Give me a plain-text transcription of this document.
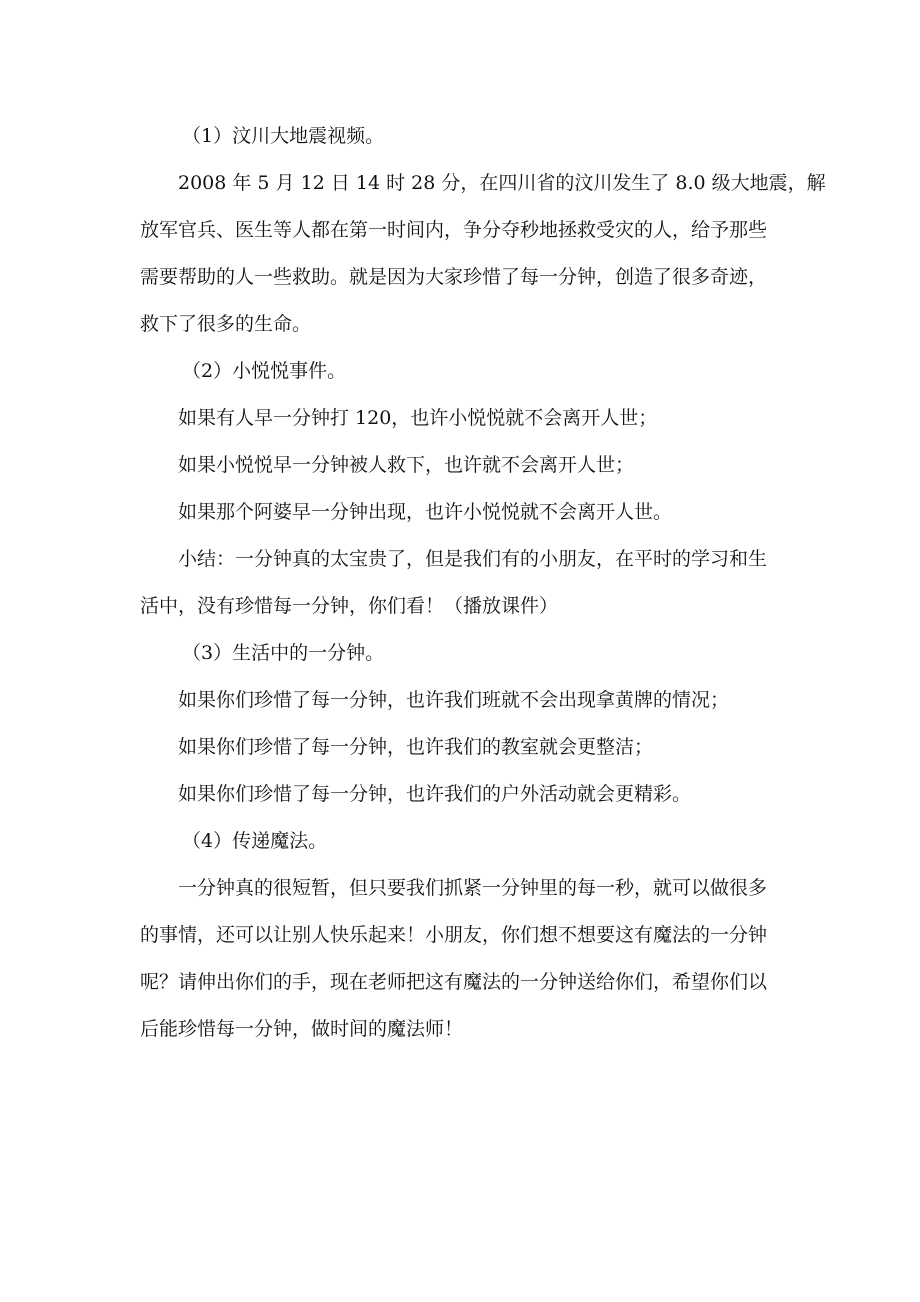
（1）汶川大地震视频。
2008 年 5 月 12 日 14 时 28 分，在四川省的汶川发生了 8.0 级大地震，解
放军官兵、医生等人都在第一时间内，争分夺秒地拯救受灾的人，给予那些
需要帮助的人一些救助。就是因为大家珍惜了每一分钟，创造了很多奇迹，
救下了很多的生命。
（2）小悦悦事件。
如果有人早一分钟打 120，也许小悦悦就不会离开人世；
如果小悦悦早一分钟被人救下，也许就不会离开人世；
如果那个阿婆早一分钟出现，也许小悦悦就不会离开人世。
小结：一分钟真的太宝贵了，但是我们有的小朋友，在平时的学习和生
活中，没有珍惜每一分钟，你们看！（播放课件）
（3）生活中的一分钟。
如果你们珍惜了每一分钟，也许我们班就不会出现拿黄牌的情况；
如果你们珍惜了每一分钟，也许我们的教室就会更整洁；
如果你们珍惜了每一分钟，也许我们的户外活动就会更精彩。
（4）传递魔法。
一分钟真的很短暂，但只要我们抓紧一分钟里的每一秒，就可以做很多
的事情，还可以让别人快乐起来！小朋友，你们想不想要这有魔法的一分钟
呢？请伸出你们的手，现在老师把这有魔法的一分钟送给你们，希望你们以
后能珍惜每一分钟，做时间的魔法师！
